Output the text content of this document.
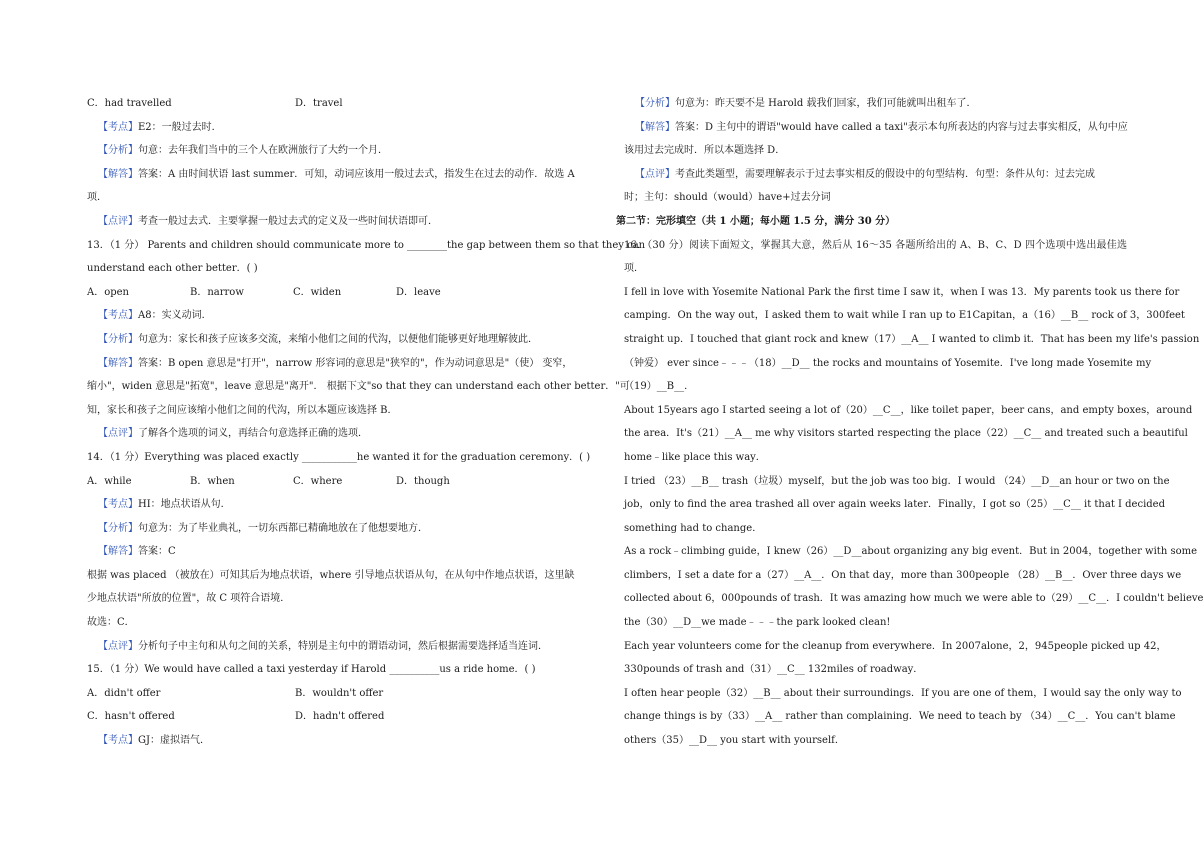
C．had travelled	D．travel
【考点】E2：一般过去时．
【分析】句意：去年我们当中的三个人在欧洲旅行了大约一个月．
【解答】答案：A 由时间状语 last summer．可知，动词应该用一般过去式，指发生在过去的动作．故选 A
项．
【点评】考查一般过去式．主要掌握一般过去式的定义及一些时间状语即可．
13．（1 分） Parents and children should communicate more to ________the gap between them so that they can
understand each other better．( )
A．open	B．narrow	C．widen	D．leave
【考点】A8：实义动词．
【分析】句意为：家长和孩子应该多交流，来缩小他们之间的代沟，以便他们能够更好地理解彼此．
【解答】答案：B open 意思是"打开"，narrow 形容词的意思是"狭窄的"，作为动词意思是"（使） 变窄，
缩小"，widen 意思是"拓宽"，leave 意思是"离开"． 根据下文"so that they can understand each other better．"可
知，家长和孩子之间应该缩小他们之间的代沟，所以本题应该选择 B．
【点评】了解各个选项的词义，再结合句意选择正确的选项．
14．（1 分）Everything was placed exactly ___________he wanted it for the graduation ceremony．( )
A．while	B．when	C．where	D．though
【考点】HI：地点状语从句．
【分析】句意为：为了毕业典礼，一切东西都已精确地放在了他想要地方．
【解答】答案：C
根据 was placed （被放在）可知其后为地点状语，where 引导地点状语从句，在从句中作地点状语，这里缺
少地点状语"所放的位置"，故 C 项符合语境．
故选：C．
【点评】分析句子中主句和从句之间的关系，特别是主句中的谓语动词，然后根据需要选择适当连词．
15．（1 分）We would have called a taxi yesterday if Harold __________us a ride home．( )
A．didn't offer	B．wouldn't offer
C．hasn't offered	D．hadn't offered
【考点】GJ：虚拟语气．
【分析】句意为：昨天要不是 Harold 载我们回家，我们可能就叫出租车了．
【解答】答案：D 主句中的谓语"would have called a taxi"表示本句所表达的内容与过去事实相反，从句中应
该用过去完成时．所以本题选择 D．
【点评】考查此类题型，需要理解表示于过去事实相反的假设中的句型结构．句型：条件从句：过去完成
时；主句：should（would）have+过去分词
第二节：完形填空（共 1 小题；每小题 1.5 分，满分 30 分）
16．（30 分）阅读下面短文，掌握其大意，然后从 16～35 各题所给出的 A、B、C、D 四个选项中选出最佳选
项．
I fell in love with Yosemite National Park the first time I saw it，when I was 13．My parents took us there for
camping．On the way out，I asked them to wait while I ran up to E1Capitan，a（16）__B__ rock of 3，300feet
straight up．I touched that giant rock and knew（17）__A__ I wanted to climb it．That has been my life's passion
（钟爱） ever since﹣﹣﹣（18）__D__ the rocks and mountains of Yosemite．I've long made Yosemite my
（19）__B__．
About 15years ago I started seeing a lot of（20）__C__，like toilet paper，beer cans，and empty boxes，around
the area．It's（21）__A__ me why visitors started respecting the place（22）__C__ and treated such a beautiful
home﹣like place this way．
I tried （23）__B__ trash（垃圾）myself，but the job was too big．I would （24）__D__an hour or two on the
job，only to find the area trashed all over again weeks later．Finally，I got so（25）__C__ it that I decided
something had to change．
As a rock﹣climbing guide，I knew（26）__D__about organizing any big event．But in 2004，together with some
climbers，I set a date for a（27）__A__．On that day，more than 300people （28）__B__．Over three days we
collected about 6，000pounds of trash．It was amazing how much we were able to（29）__C__．I couldn't believe
the（30）__D__we made﹣﹣﹣the park looked clean!
Each year volunteers come for the cleanup from everywhere．In 2007alone，2，945people picked up 42，
330pounds of trash and（31）__C__ 132miles of roadway．
I often hear people（32）__B__ about their surroundings．If you are one of them，I would say the only way to
change things is by（33）__A__ rather than complaining．We need to teach by （34）__C__．You can't blame
others（35）__D__ you start with yourself．
